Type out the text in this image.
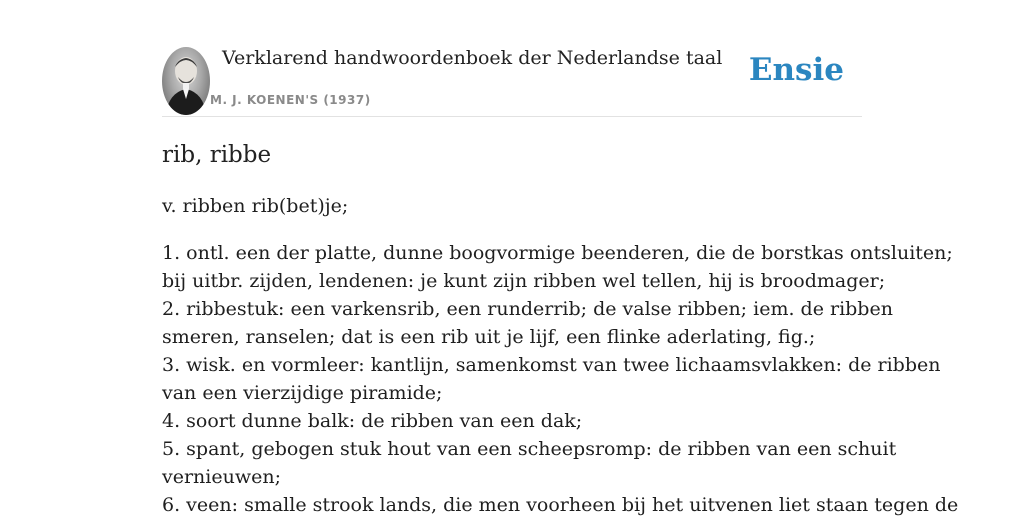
Verklarend handwoordenboek der Nederlandse taal
M. J. KOENEN'S (1937)
Ensie
rib, ribbe
v. ribben rib(bet)je;
1. ontl. een der platte, dunne boogvormige beenderen, die de borstkas ontsluiten;
bij uitbr. zijden, lendenen: je kunt zijn ribben wel tellen, hij is broodmager;
2. ribbestuk: een varkensrib, een runderrib; de valse ribben; iem. de ribben
smeren, ranselen; dat is een rib uit je lijf, een flinke aderlating, fig.;
3. wisk. en vormleer: kantlijn, samenkomst van twee lichaamsvlakken: de ribben
van een vierzijdige piramide;
4. soort dunne balk: de ribben van een dak;
5. spant, gebogen stuk hout van een scheepsromp: de ribben van een schuit
vernieuwen;
6. veen: smalle strook lands, die men voorheen bij het uitvenen liet staan tegen de
